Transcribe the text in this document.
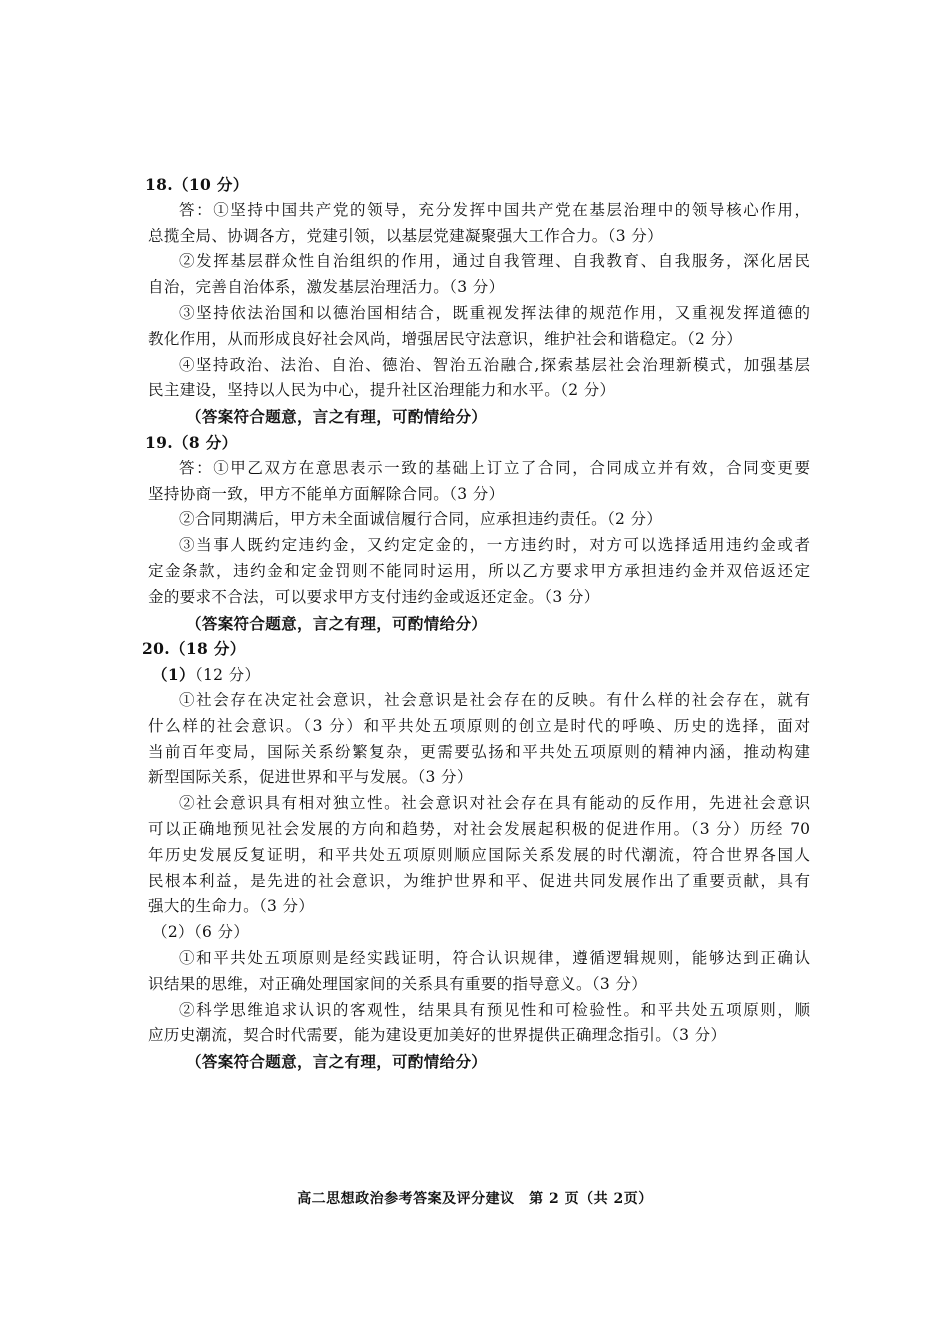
18.（10 分）
答：①坚持中国共产党的领导，充分发挥中国共产党在基层治理中的领导核心作用，
总揽全局、协调各方，党建引领，以基层党建凝聚强大工作合力。（3 分）
②发挥基层群众性自治组织的作用，通过自我管理、自我教育、自我服务，深化居民
自治，完善自治体系，激发基层治理活力。（3 分）
③坚持依法治国和以德治国相结合，既重视发挥法律的规范作用，又重视发挥道德的
教化作用，从而形成良好社会风尚，增强居民守法意识，维护社会和谐稳定。（2 分）
④坚持政治、法治、自治、德治、智治五治融合,探索基层社会治理新模式，加强基层
民主建设，坚持以人民为中心，提升社区治理能力和水平。（2 分）
（答案符合题意，言之有理，可酌情给分）
19.（8 分）
答：①甲乙双方在意思表示一致的基础上订立了合同，合同成立并有效，合同变更要
坚持协商一致，甲方不能单方面解除合同。（3 分）
②合同期满后，甲方未全面诚信履行合同，应承担违约责任。（2 分）
③当事人既约定违约金，又约定定金的，一方违约时，对方可以选择适用违约金或者
定金条款，违约金和定金罚则不能同时运用，所以乙方要求甲方承担违约金并双倍返还定
金的要求不合法，可以要求甲方支付违约金或返还定金。（3 分）
（答案符合题意，言之有理，可酌情给分）
20.（18 分）
（1）（12 分）
①社会存在决定社会意识，社会意识是社会存在的反映。有什么样的社会存在，就有
什么样的社会意识。（3 分）和平共处五项原则的创立是时代的呼唤、历史的选择，面对
当前百年变局，国际关系纷繁复杂，更需要弘扬和平共处五项原则的精神内涵，推动构建
新型国际关系，促进世界和平与发展。（3 分）
②社会意识具有相对独立性。社会意识对社会存在具有能动的反作用，先进社会意识
可以正确地预见社会发展的方向和趋势，对社会发展起积极的促进作用。（3 分）历经 70
年历史发展反复证明，和平共处五项原则顺应国际关系发展的时代潮流，符合世界各国人
民根本利益，是先进的社会意识，为维护世界和平、促进共同发展作出了重要贡献，具有
强大的生命力。（3 分）
（2）（6 分）
①和平共处五项原则是经实践证明，符合认识规律，遵循逻辑规则，能够达到正确认
识结果的思维，对正确处理国家间的关系具有重要的指导意义。（3 分）
②科学思维追求认识的客观性，结果具有预见性和可检验性。和平共处五项原则，顺
应历史潮流，契合时代需要，能为建设更加美好的世界提供正确理念指引。（3 分）
（答案符合题意，言之有理，可酌情给分）
高二思想政治参考答案及评分建议　第 2 页（共 2页）
